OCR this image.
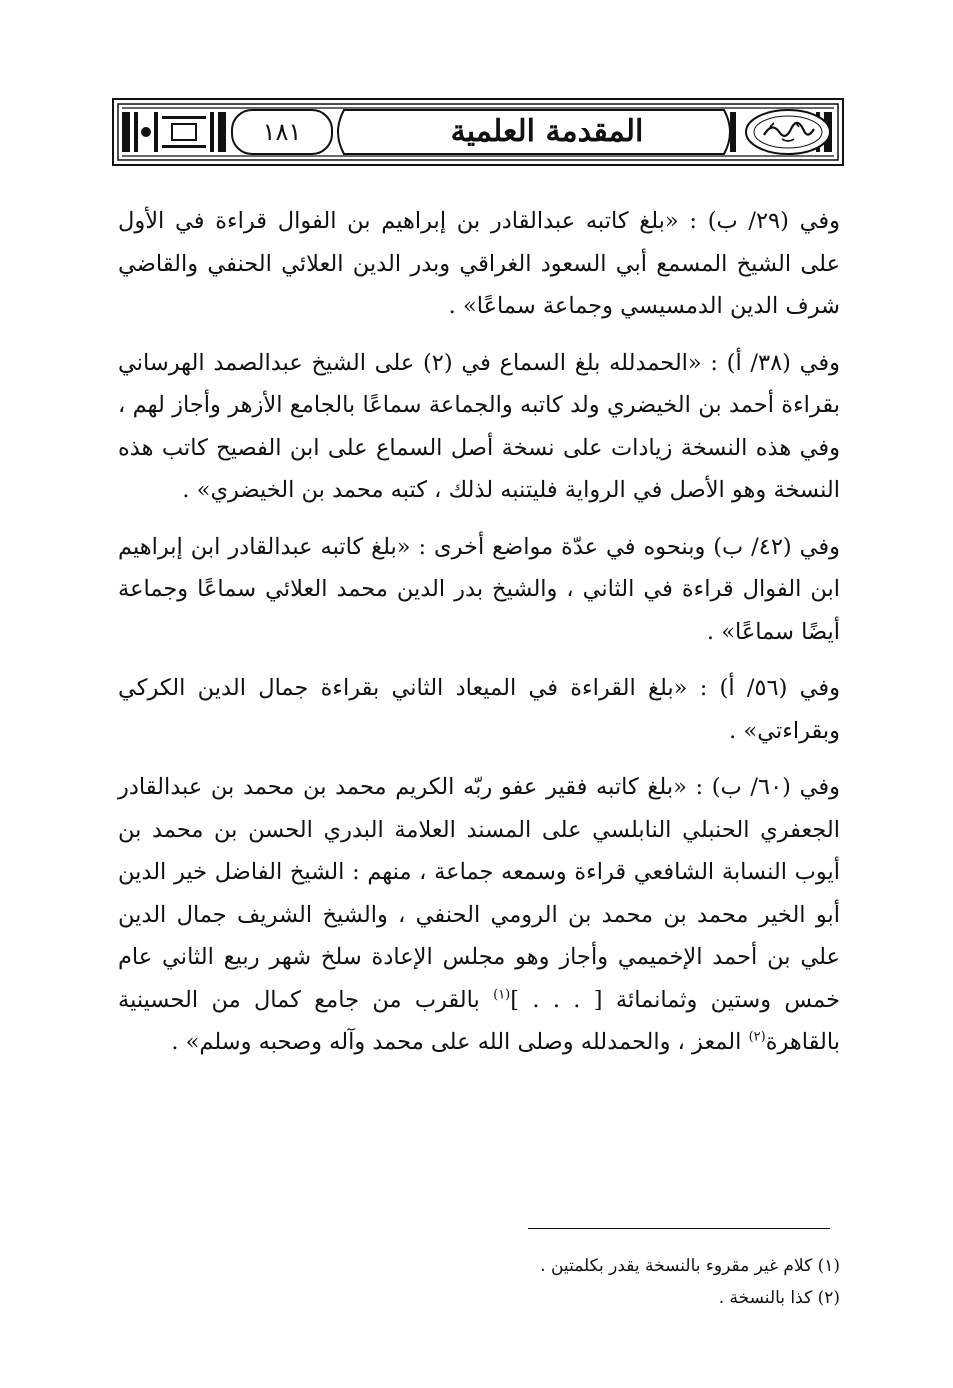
١٨١	المقدمة العلمية

وفي (٢٩/ ب) : «بلغ كاتبه عبدالقادر بن إبراهيم بن الفوال قراءة في الأول على الشيخ المسمع أبي السعود الغراقي وبدر الدين العلائي الحنفي والقاضي شرف الدين الدمسيسي وجماعة سماعًا» .

وفي (٣٨/ أ) : «الحمدلله بلغ السماع في (٢) على الشيخ عبدالصمد الهرساني بقراءة أحمد بن الخيضري ولد كاتبه والجماعة سماعًا بالجامع الأزهر وأجاز لهم ، وفي هذه النسخة زيادات على نسخة أصل السماع على ابن الفصيح كاتب هذه النسخة وهو الأصل في الرواية فليتنبه لذلك ، كتبه محمد بن الخيضري» .

وفي (٤٢/ ب) وبنحوه في عدّة مواضع أخرى : «بلغ كاتبه عبدالقادر ابن إبراهيم ابن الفوال قراءة في الثاني ، والشيخ بدر الدين محمد العلائي سماعًا وجماعة أيضًا سماعًا» .

وفي (٥٦/ أ) : «بلغ القراءة في الميعاد الثاني بقراءة جمال الدين الكركي وبقراءتي» .

وفي (٦٠/ ب) : «بلغ كاتبه فقير عفو ربّه الكريم محمد بن محمد بن عبدالقادر الجعفري الحنبلي النابلسي على المسند العلامة البدري الحسن بن محمد بن أيوب النسابة الشافعي قراءة وسمعه جماعة ، منهم : الشيخ الفاضل خير الدين أبو الخير محمد بن محمد بن الرومي الحنفي ، والشيخ الشريف جمال الدين علي بن أحمد الإخميمي وأجاز وهو مجلس الإعادة سلخ شهر ربيع الثاني عام خمس وستين وثمانمائة [ . . . ]$^{(١)}$ بالقرب من جامع كمال من الحسينية بالقاهرة$^{(٢)}$ المعز ، والحمدلله وصلى الله على محمد وآله وصحبه وسلم» .

(١) كلام غير مقروء بالنسخة يقدر بكلمتين .

(٢) كذا بالنسخة .
